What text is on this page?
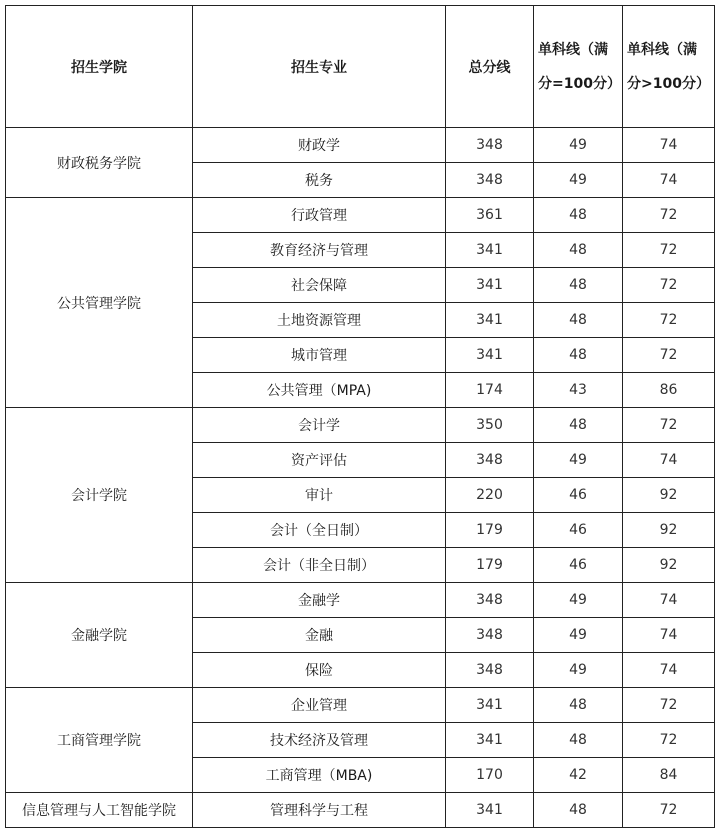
招生学院	招生专业	总分线	单科线（满分=100分）	单科线（满分>100分）
财政税务学院	财政学	348	49	74
	税务	348	49	74
公共管理学院	行政管理	361	48	72
	教育经济与管理	341	48	72
	社会保障	341	48	72
	土地资源管理	341	48	72
	城市管理	341	48	72
	公共管理（MPA)	174	43	86
会计学院	会计学	350	48	72
	资产评估	348	49	74
	审计	220	46	92
	会计（全日制）	179	46	92
	会计（非全日制）	179	46	92
金融学院	金融学	348	49	74
	金融	348	49	74
	保险	348	49	74
工商管理学院	企业管理	341	48	72
	技术经济及管理	341	48	72
	工商管理（MBA)	170	42	84
信息管理与人工智能学院	管理科学与工程	341	48	72
